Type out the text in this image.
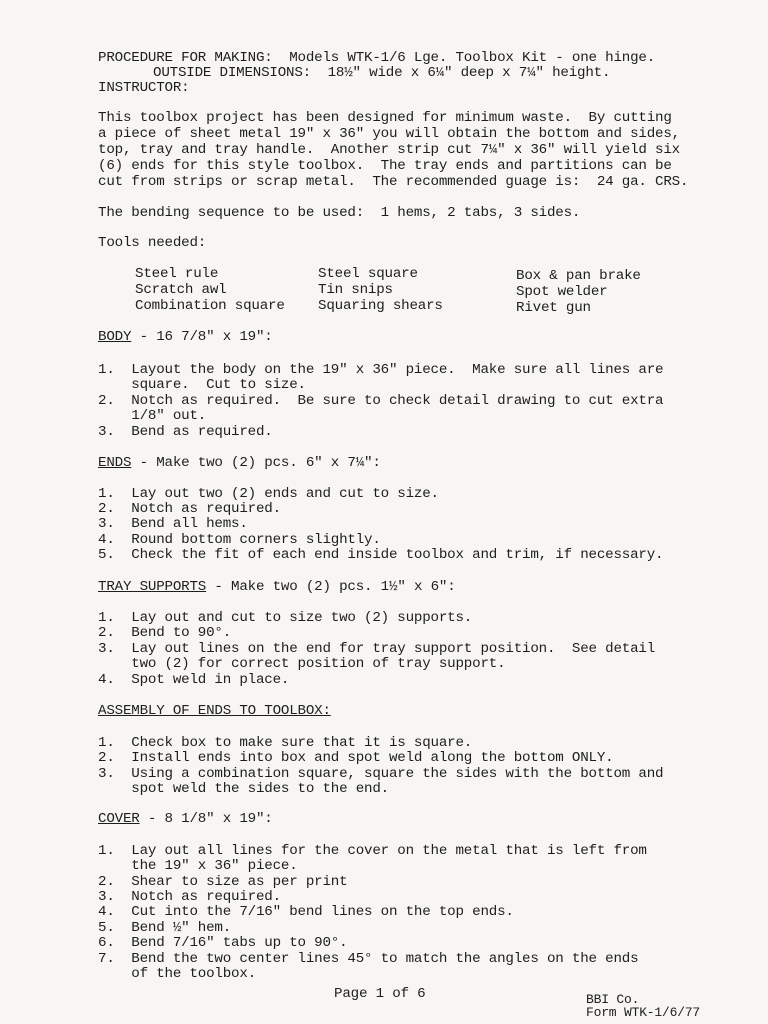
PROCEDURE FOR MAKING:  Models WTK-1/6 Lge. Toolbox Kit - one hinge.
OUTSIDE DIMENSIONS:  18½" wide x 6¼" deep x 7¼" height.
INSTRUCTOR:
This toolbox project has been designed for minimum waste.  By cutting
a piece of sheet metal 19" x 36" you will obtain the bottom and sides,
top, tray and tray handle.  Another strip cut 7¼" x 36" will yield six
(6) ends for this style toolbox.  The tray ends and partitions can be
cut from strips or scrap metal.  The recommended guage is:  24 ga. CRS.
The bending sequence to be used:  1 hems, 2 tabs, 3 sides.
Tools needed:
Steel rule
Scratch awl
Combination square
Steel square
Tin snips
Squaring shears
Box & pan brake
Spot welder
Rivet gun
BODY - 16 7/8" x 19":
1.  Layout the body on the 19" x 36" piece.  Make sure all lines are
square.  Cut to size.
2.  Notch as required.  Be sure to check detail drawing to cut extra
1/8" out.
3.  Bend as required.
ENDS - Make two (2) pcs. 6" x 7¼":
1.  Lay out two (2) ends and cut to size.
2.  Notch as required.
3.  Bend all hems.
4.  Round bottom corners slightly.
5.  Check the fit of each end inside toolbox and trim, if necessary.
TRAY SUPPORTS - Make two (2) pcs. 1½" x 6":
1.  Lay out and cut to size two (2) supports.
2.  Bend to 90°.
3.  Lay out lines on the end for tray support position.  See detail
two (2) for correct position of tray support.
4.  Spot weld in place.
ASSEMBLY OF ENDS TO TOOLBOX:
1.  Check box to make sure that it is square.
2.  Install ends into box and spot weld along the bottom ONLY.
3.  Using a combination square, square the sides with the bottom and
spot weld the sides to the end.
COVER - 8 1/8" x 19":
1.  Lay out all lines for the cover on the metal that is left from
the 19" x 36" piece.
2.  Shear to size as per print
3.  Notch as required.
4.  Cut into the 7/16" bend lines on the top ends.
5.  Bend ½" hem.
6.  Bend 7/16" tabs up to 90°.
7.  Bend the two center lines 45° to match the angles on the ends
of the toolbox.
Page 1 of 6	BBI Co.
Form WTK-1/6/77
